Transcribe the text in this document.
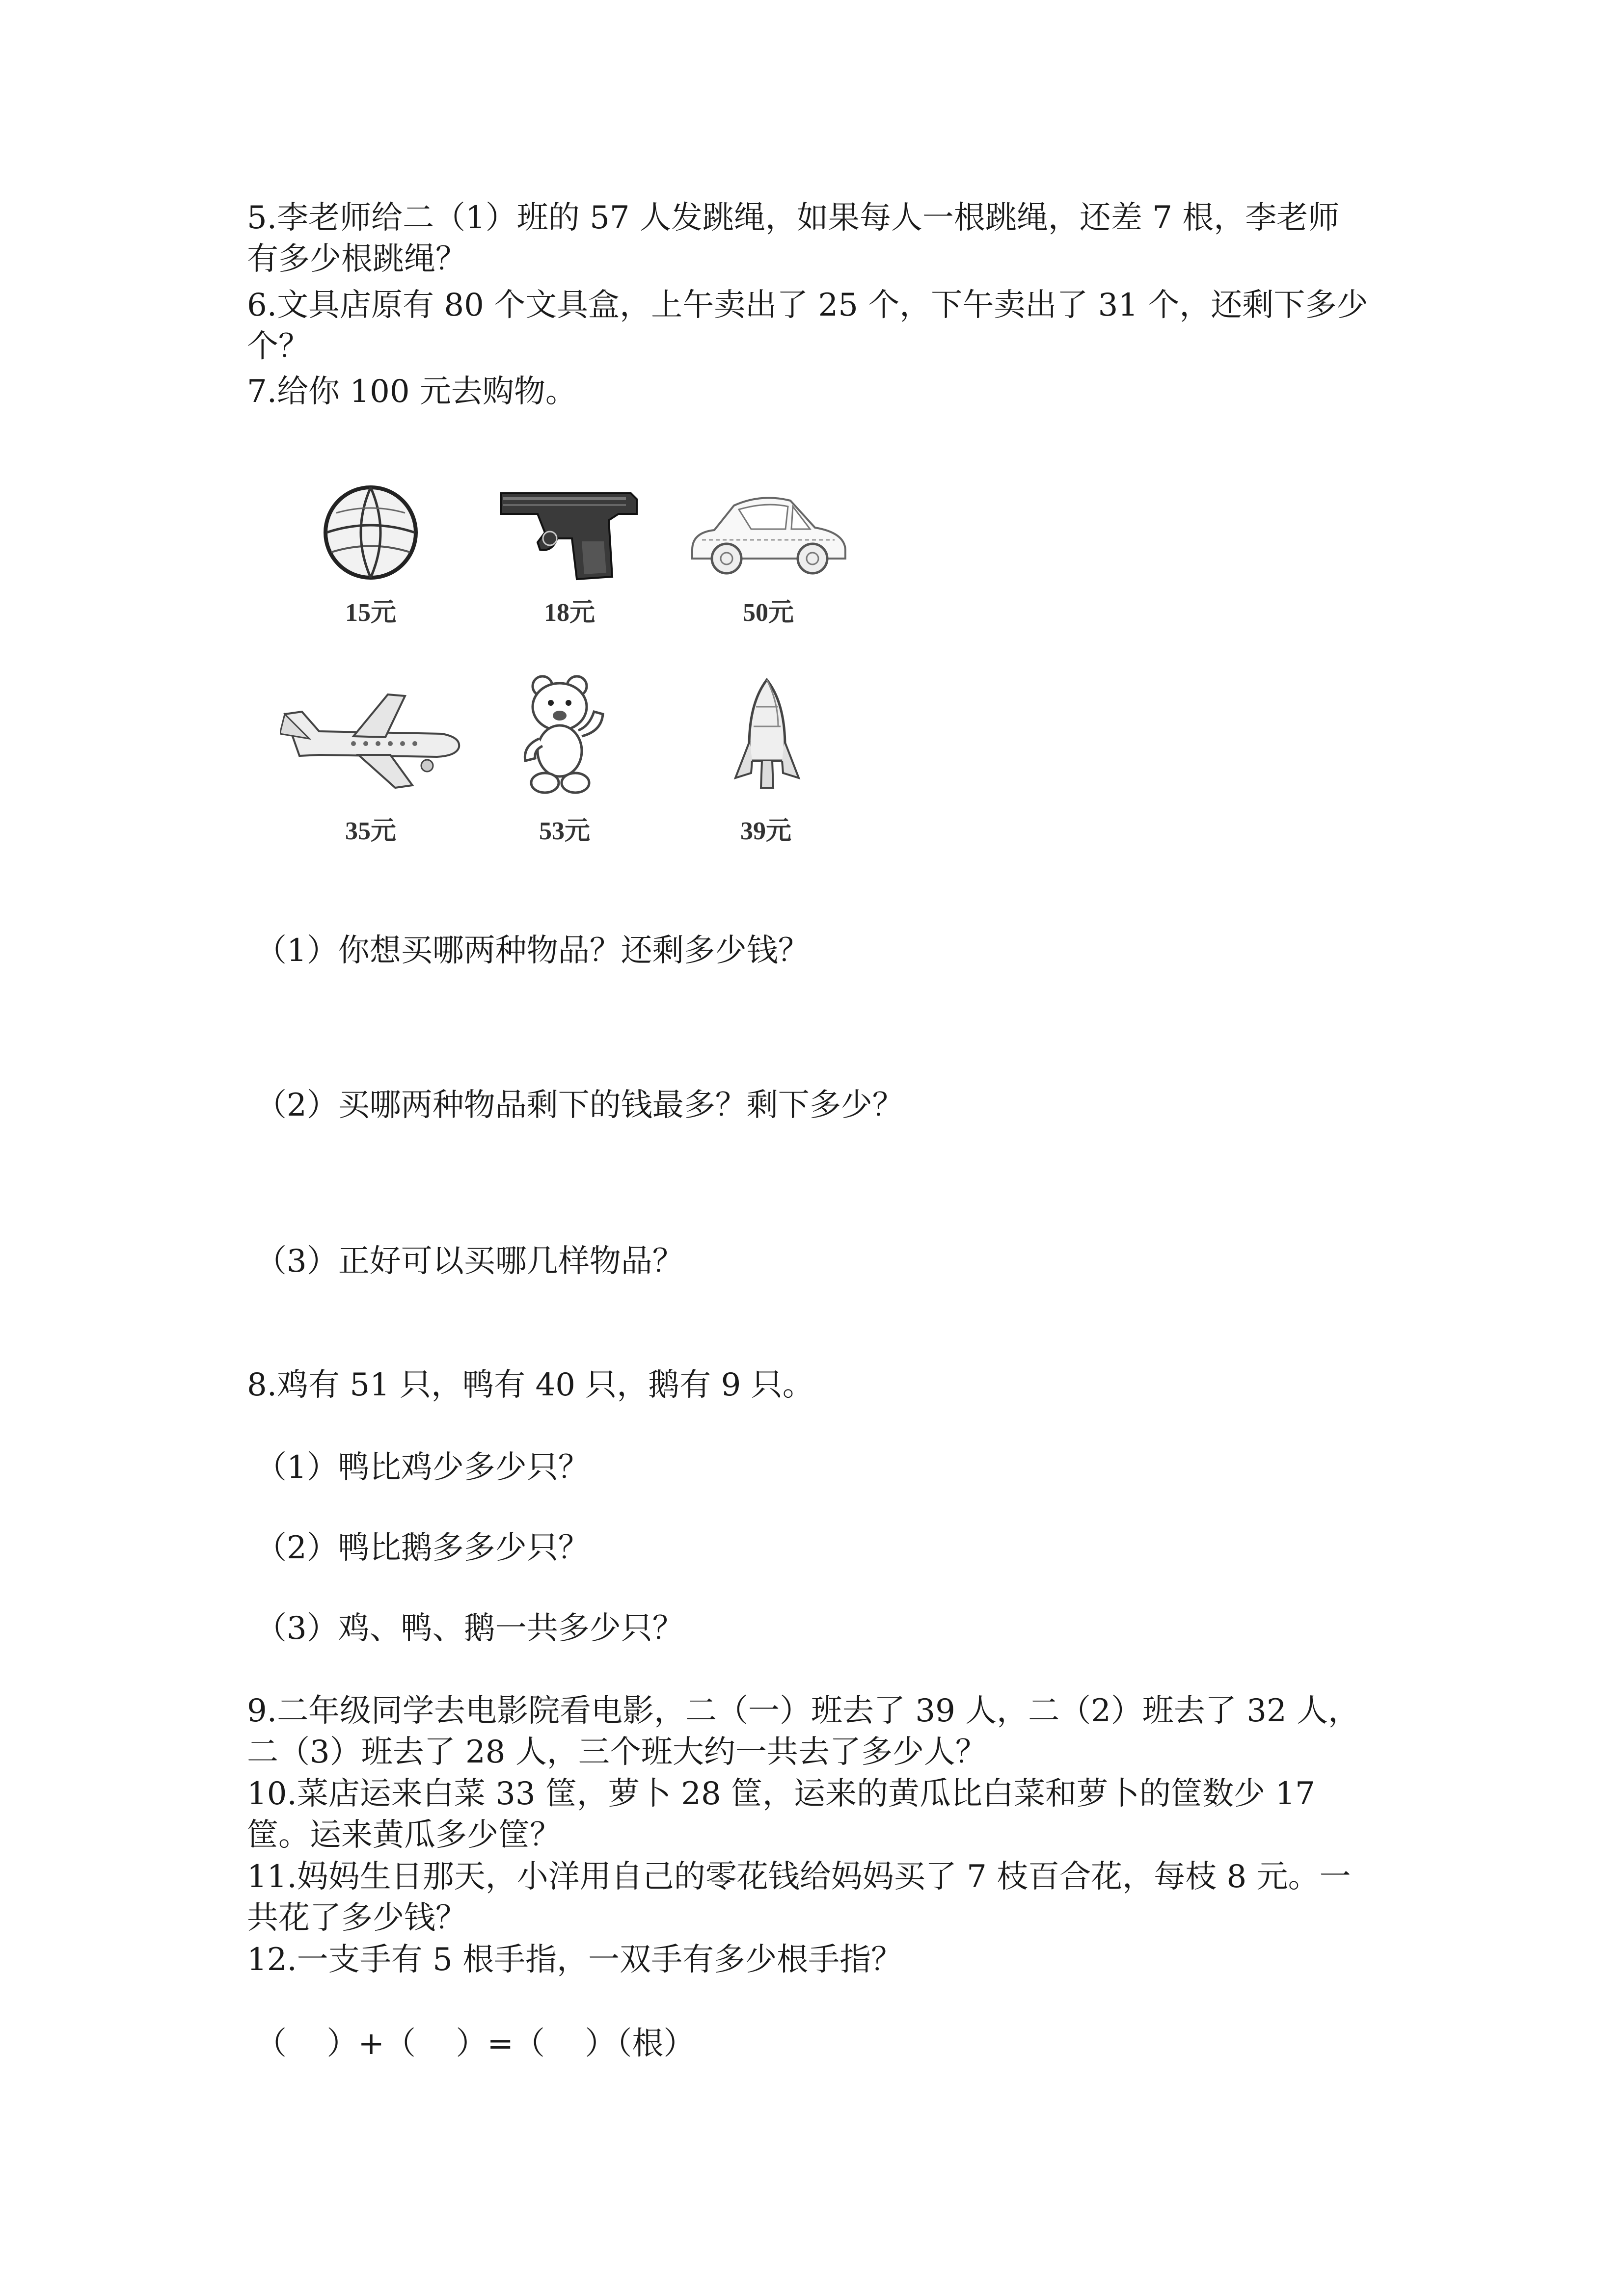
5.李老师给二（1）班的 57 人发跳绳，如果每人一根跳绳，还差 7 根，李老师

有多少根跳绳？

6.文具店原有 80 个文具盒，上午卖出了 25 个，下午卖出了 31 个，还剩下多少

个？

7.给你 100 元去购物。

15元	18元	50元

35元	53元	39元

（1）你想买哪两种物品？还剩多少钱？

（2）买哪两种物品剩下的钱最多？剩下多少？

（3）正好可以买哪几样物品？

8.鸡有 51 只，鸭有 40 只，鹅有 9 只。

（1）鸭比鸡少多少只？

（2）鸭比鹅多多少只？

（3）鸡、鸭、鹅一共多少只？

9.二年级同学去电影院看电影，二（一）班去了 39 人，二（2）班去了 32 人，

二（3）班去了 28 人，三个班大约一共去了多少人？

10.菜店运来白菜 33 筐，萝卜 28 筐，运来的黄瓜比白菜和萝卜的筐数少 17

筐。运来黄瓜多少筐？

11.妈妈生日那天，小洋用自己的零花钱给妈妈买了 7 枝百合花，每枝 8 元。一

共花了多少钱？

12.一支手有 5 根手指，一双手有多少根手指？

（    ）+（    ）=（    ）（根）
